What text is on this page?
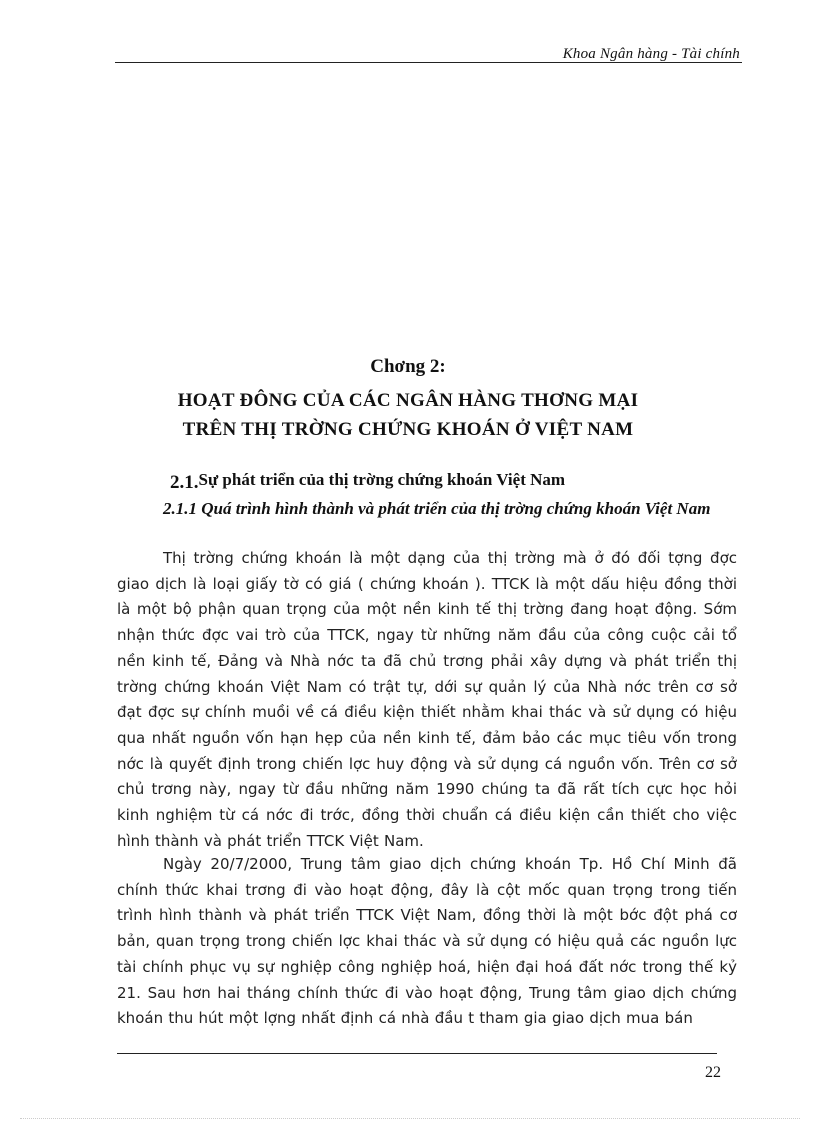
Khoa Ngân hàng - Tài chính
Chơng 2:
HOẠT ĐÔNG CỦA CÁC NGÂN HÀNG THƠNG MẠI
TRÊN THỊ TRỜNG CHỨNG KHOÁN Ở VIỆT NAM
2.1.Sự phát triển của thị trờng chứng khoán Việt Nam
2.1.1 Quá trình hình thành và phát triển của thị trờng chứng khoán Việt Nam
Thị trờng chứng khoán là một dạng của thị trờng mà ở đó đối tợng đợc giao dịch là loại giấy tờ có giá ( chứng khoán ). TTCK là một dấu hiệu đồng thời là một bộ phận quan trọng của một nền kinh tế thị trờng đang hoạt động. Sớm nhận thức đợc vai trò của TTCK, ngay từ những năm đầu của công cuộc cải tổ nền kinh tế, Đảng và Nhà nớc ta đã chủ trơng phải xây dựng và phát triển thị trờng chứng khoán Việt Nam có trật tự, dới sự quản lý của Nhà nớc trên cơ sở đạt đợc sự chính muồi về cá điều kiện thiết nhằm khai thác và sử dụng có hiệu qua nhất nguồn vốn hạn hẹp của nền kinh tế, đảm bảo các mục tiêu vốn trong nớc là quyết định trong chiến lợc huy động và sử dụng cá nguồn vốn. Trên cơ sở chủ trơng này, ngay từ đầu những năm 1990 chúng ta đã rất tích cực học hỏi kinh nghiệm từ cá nớc đi trớc, đồng thời chuẩn cá điều kiện cần thiết cho việc hình thành và phát triển TTCK Việt Nam.
Ngày 20/7/2000, Trung tâm giao dịch chứng khoán Tp. Hồ Chí Minh đã chính thức khai trơng đi vào hoạt động, đây là cột mốc quan trọng trong tiến trình hình thành và phát triển TTCK Việt Nam, đồng thời là một bớc đột phá cơ bản, quan trọng trong chiến lợc khai thác và sử dụng có hiệu quả các nguồn lực tài chính phục vụ sự nghiệp công nghiệp hoá, hiện đại hoá đất nớc trong thế kỷ 21. Sau hơn hai tháng chính thức đi vào hoạt động, Trung tâm giao dịch chứng khoán thu hút một lợng nhất định cá nhà đầu t tham gia giao dịch mua bán
22
